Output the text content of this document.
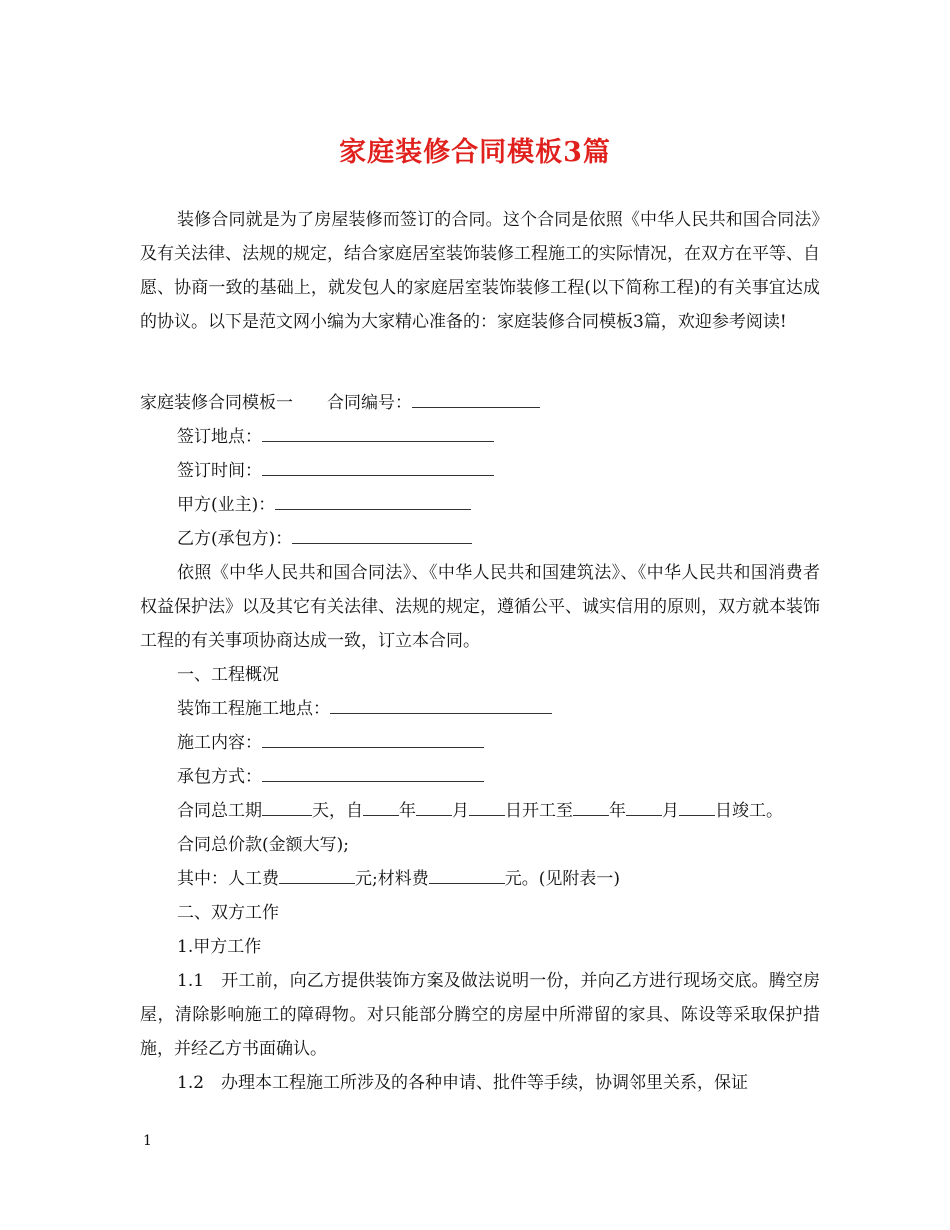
家庭装修合同模板3篇
装修合同就是为了房屋装修而签订的合同。这个合同是依照《中华人民共和国合同法》及有关法律、法规的规定，结合家庭居室装饰装修工程施工的实际情况，在双方在平等、自愿、协商一致的基础上，就发包人的家庭居室装饰装修工程(以下简称工程)的有关事宜达成的协议。以下是范文网小编为大家精心准备的：家庭装修合同模板3篇，欢迎参考阅读!
家庭装修合同模板一 合同编号：
签订地点：
签订时间：
甲方(业主)：
乙方(承包方)：
依照《中华人民共和国合同法》、《中华人民共和国建筑法》、《中华人民共和国消费者权益保护法》以及其它有关法律、法规的规定，遵循公平、诚实信用的原则，双方就本装饰工程的有关事项协商达成一致，订立本合同。
一、工程概况
装饰工程施工地点：
施工内容：
承包方式：
合同总工期	天，自 年 月 日开工至 年 月 日竣工。
合同总价款(金额大写);
其中：人工费	元;材料费	元。(见附表一)
二、双方工作
1.甲方工作
1.1　开工前，向乙方提供装饰方案及做法说明一份，并向乙方进行现场交底。腾空房屋，清除影响施工的障碍物。对只能部分腾空的房屋中所滞留的家具、陈设等采取保护措施，并经乙方书面确认。
1.2　办理本工程施工所涉及的各种申请、批件等手续，协调邻里关系，保证
1
